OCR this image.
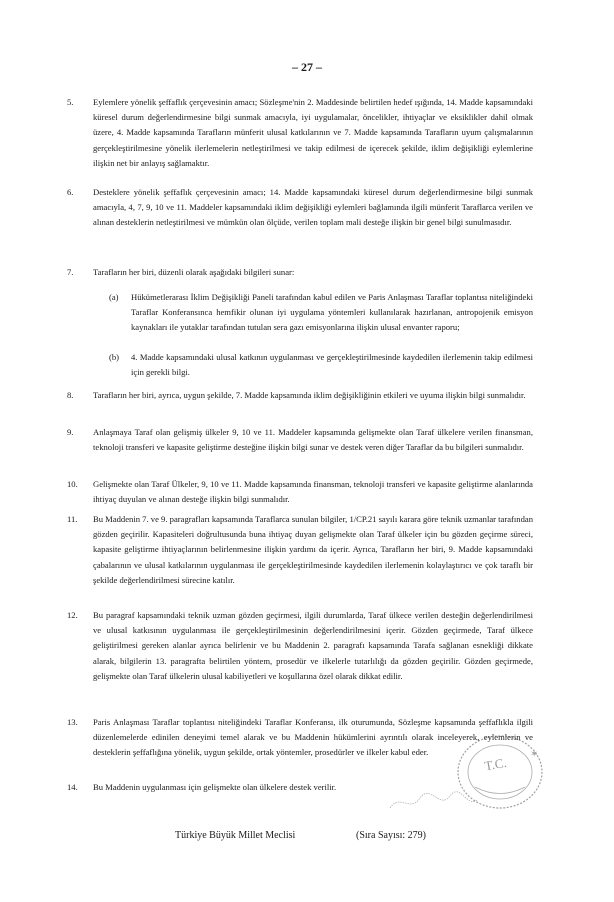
– 27 –
5. Eylemlere yönelik şeffaflık çerçevesinin amacı; Sözleşme'nin 2. Maddesinde belirtilen hedef ışığında, 14. Madde kapsamındaki küresel durum değerlendirmesine bilgi sunmak amacıyla, iyi uygulamalar, öncelikler, ihtiyaçlar ve eksiklikler dahil olmak üzere, 4. Madde kapsamında Tarafların münferit ulusal katkılarının ve 7. Madde kapsamında Tarafların uyum çalışmalarının gerçekleştirilmesine yönelik ilerlemelerin netleştirilmesi ve takip edilmesi de içerecek şekilde, iklim değişikliği eylemlerine ilişkin net bir anlayış sağlamaktır.
6. Desteklere yönelik şeffaflık çerçevesinin amacı; 14. Madde kapsamındaki küresel durum değerlendirmesine bilgi sunmak amacıyla, 4, 7, 9, 10 ve 11. Maddeler kapsamındaki iklim değişikliği eylemleri bağlamında ilgili münferit Taraflarca verilen ve alınan desteklerin netleştirilmesi ve mümkün olan ölçüde, verilen toplam mali desteğe ilişkin bir genel bilgi sunulmasıdır.
7. Tarafların her biri, düzenli olarak aşağıdaki bilgileri sunar:
(a) Hükümetlerarası İklim Değişikliği Paneli tarafından kabul edilen ve Paris Anlaşması Taraflar toplantısı niteliğindeki Taraflar Konferansınca hemfikir olunan iyi uygulama yöntemleri kullanılarak hazırlanan, antropojenik emisyon kaynakları ile yutaklar tarafından tutulan sera gazı emisyonlarına ilişkin ulusal envanter raporu;
(b) 4. Madde kapsamındaki ulusal katkının uygulanması ve gerçekleştirilmesinde kaydedilen ilerlemenin takip edilmesi için gerekli bilgi.
8. Tarafların her biri, ayrıca, uygun şekilde, 7. Madde kapsamında iklim değişikliğinin etkileri ve uyuma ilişkin bilgi sunmalıdır.
9. Anlaşmaya Taraf olan gelişmiş ülkeler 9, 10 ve 11. Maddeler kapsamında gelişmekte olan Taraf ülkelere verilen finansman, teknoloji transferi ve kapasite geliştirme desteğine ilişkin bilgi sunar ve destek veren diğer Taraflar da bu bilgileri sunmalıdır.
10. Gelişmekte olan Taraf Ülkeler, 9, 10 ve 11. Madde kapsamında finansman, teknoloji transferi ve kapasite geliştirme alanlarında ihtiyaç duyulan ve alınan desteğe ilişkin bilgi sunmalıdır.
11. Bu Maddenin 7. ve 9. paragrafları kapsamında Taraflarca sunulan bilgiler, 1/CP.21 sayılı karara göre teknik uzmanlar tarafından gözden geçirilir. Kapasiteleri doğrultusunda buna ihtiyaç duyan gelişmekte olan Taraf ülkeler için bu gözden geçirme süreci, kapasite geliştirme ihtiyaçlarının belirlenmesine ilişkin yardımı da içerir. Ayrıca, Tarafların her biri, 9. Madde kapsamındaki çabalarının ve ulusal katkılarının uygulanması ile gerçekleştirilmesinde kaydedilen ilerlemenin kolaylaştırıcı ve çok taraflı bir şekilde değerlendirilmesi sürecine katılır.
12. Bu paragraf kapsamındaki teknik uzman gözden geçirmesi, ilgili durumlarda, Taraf ülkece verilen desteğin değerlendirilmesi ve ulusal katkısının uygulanması ile gerçekleştirilmesinin değerlendirilmesini içerir. Gözden geçirmede, Taraf ülkece geliştirilmesi gereken alanlar ayrıca belirlenir ve bu Maddenin 2. paragrafı kapsamında Tarafa sağlanan esnekliği dikkate alarak, bilgilerin 13. paragrafta belirtilen yöntem, prosedür ve ilkelerle tutarlılığı da gözden geçirilir. Gözden geçirmede, gelişmekte olan Taraf ülkelerin ulusal kabiliyetleri ve koşullarına özel olarak dikkat edilir.
13. Paris Anlaşması Taraflar toplantısı niteliğindeki Taraflar Konferansı, ilk oturumunda, Sözleşme kapsamında şeffaflıkla ilgili düzenlemelerde edinilen deneyimi temel alarak ve bu Maddenin hükümlerini ayrıntılı olarak inceleyerek, eylemlerin ve desteklerin şeffaflığına yönelik, uygun şekilde, ortak yöntemler, prosedürler ve ilkeler kabul eder.
14. Bu Maddenin uygulanması için gelişmekte olan ülkelere destek verilir.
T.C.
✶
Türkiye Büyük Millet Meclisi	(Sıra Sayısı: 279)
